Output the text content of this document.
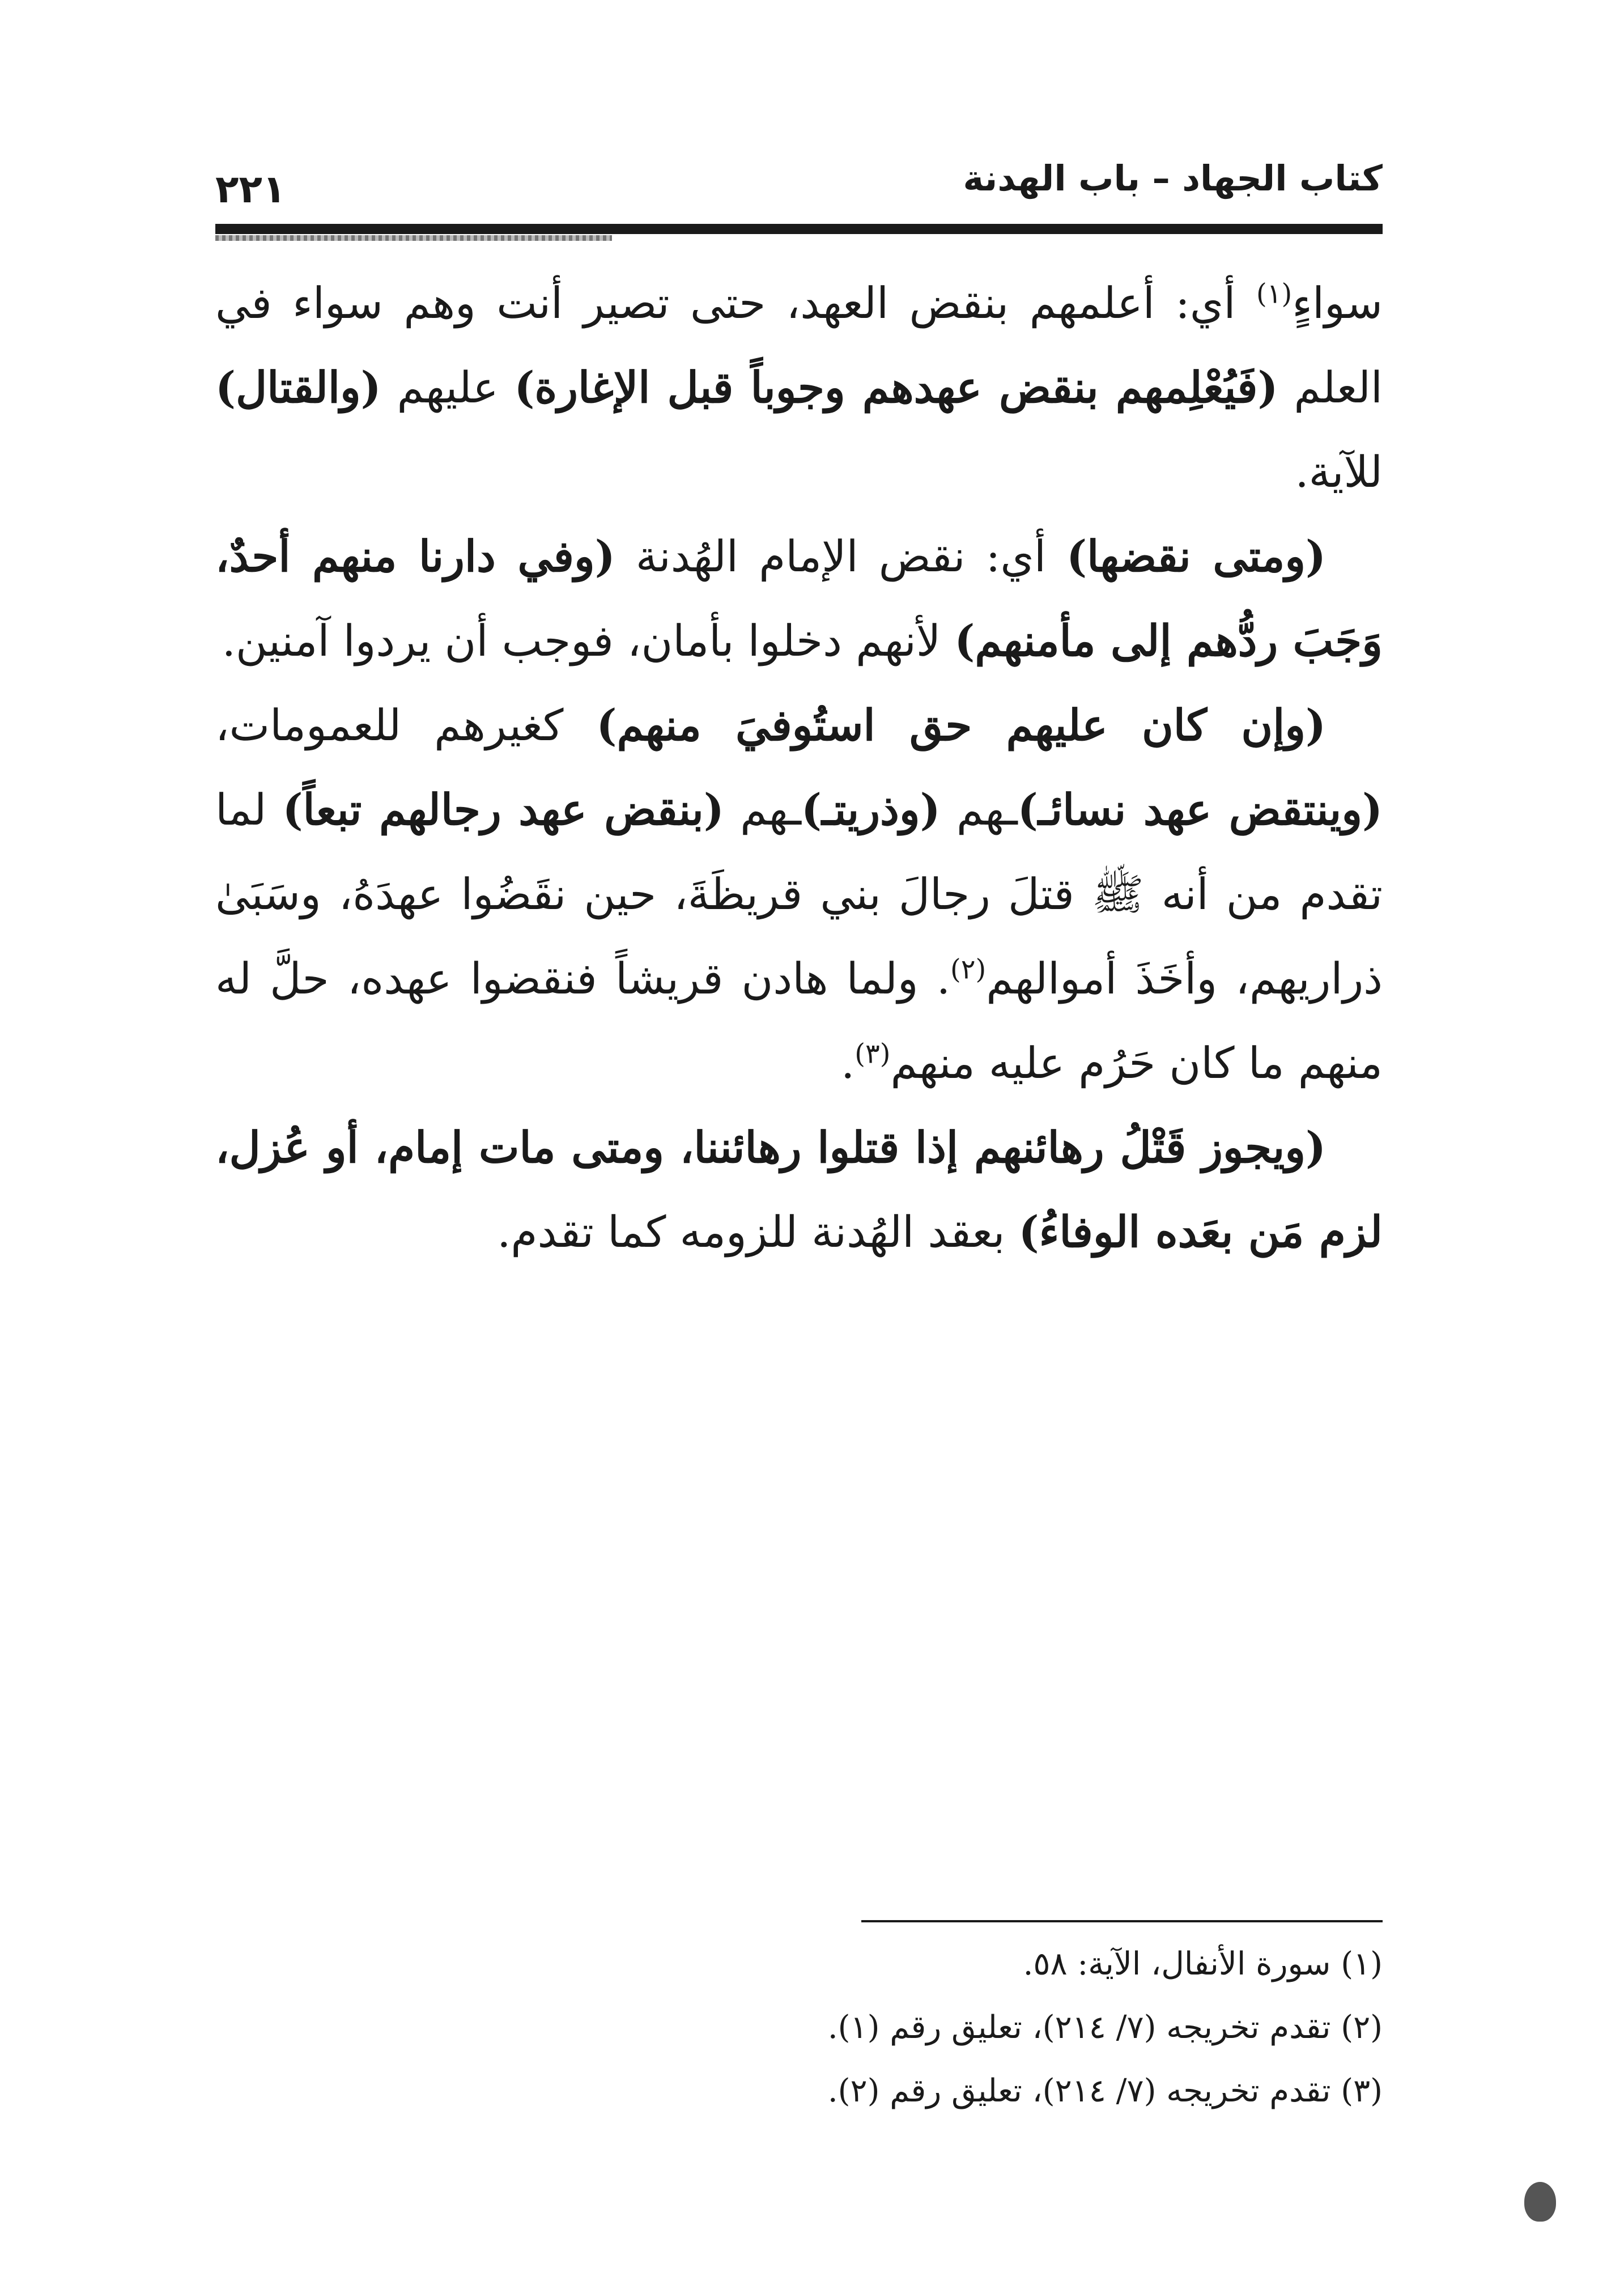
كتاب الجهاد – باب الهدنة
٢٢١

سواءٍ$^{(١)}$ أي: أعلمهم بنقض العهد، حتى تصير أنت وهم سواء في العلم (فَيُعْلِمهم بنقض عهدهم وجوباً قبل الإغارة) عليهم (والقتال) للآية.

(ومتى نقضها) أي: نقض الإمام الهُدنة (وفي دارنا منهم أحدٌ، وَجَبَ ردُّهم إلى مأمنهم) لأنهم دخلوا بأمان، فوجب أن يردوا آمنين.

(وإن كان عليهم حق استُوفيَ منهم) كغيرهم للعمومات، (وينتقض عهد نسائـ)ـهم (وذريتـ)ـهم (بنقض عهد رجالهم تبعاً) لما تقدم من أنه ﷺ قتلَ رجالَ بني قريظَةَ، حين نقَضُوا عهدَهُ، وسَبَىٰ ذراريهم، وأخَذَ أموالهم$^{(٢)}$. ولما هادن قريشاً فنقضوا عهده، حلَّ له منهم ما كان حَرُم عليه منهم$^{(٣)}$.

(ويجوز قَتْلُ رهائنهم إذا قتلوا رهائننا، ومتى مات إمام، أو عُزل، لزم مَن بعَده الوفاءُ) بعقد الهُدنة للزومه كما تقدم.

(١) سورة الأنفال، الآية: ٥٨.

(٢) تقدم تخريجه (٧/ ٢١٤)، تعليق رقم (١).

(٣) تقدم تخريجه (٧/ ٢١٤)، تعليق رقم (٢).
